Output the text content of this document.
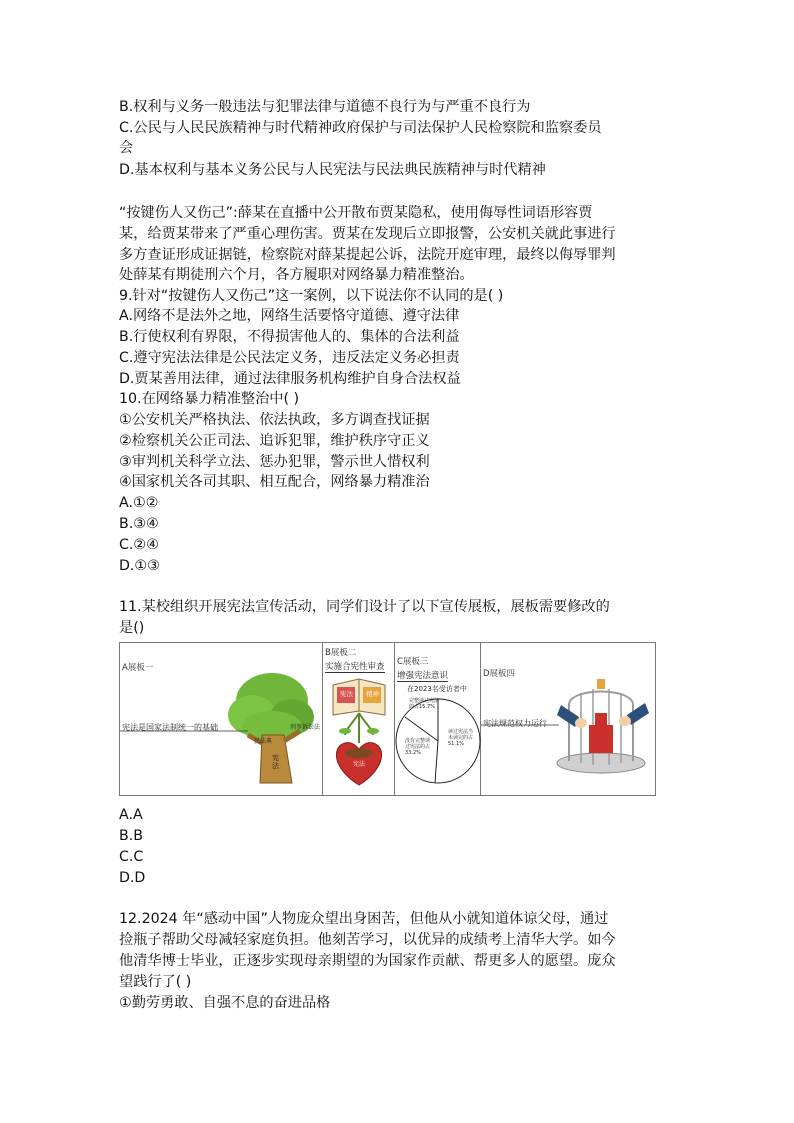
B.权利与义务一般违法与犯罪法律与道德不良行为与严重不良行为
C.公民与人民民族精神与时代精神政府保护与司法保护人民检察院和监察委员
会
D.基本权利与基本义务公民与人民宪法与民法典民族精神与时代精神
“按键伤人又伤己”:薛某在直播中公开散布贾某隐私，使用侮辱性词语形容贾
某，给贾某带来了严重心理伤害。贾某在发现后立即报警，公安机关就此事进行
多方查证形成证据链，检察院对薛某提起公诉，法院开庭审理，最终以侮辱罪判
处薛某有期徒刑六个月，各方履职对网络暴力精准整治。
9.针对“按键伤人又伤己”这一案例，以下说法你不认同的是( )
A.网络不是法外之地，网络生活要恪守道德、遵守法律
B.行使权利有界限，不得损害他人的、集体的合法利益
C.遵守宪法法律是公民法定义务，违反法定义务必担责
D.贾某善用法律，通过法律服务机构维护自身合法权益
10.在网络暴力精准整治中( )
①公安机关严格执法、依法执政，多方调查找证据
②检察机关公正司法、追诉犯罪，维护秩序守正义
③审判机关科学立法、惩办犯罪，警示世人惜权利
④国家机关各司其职、相互配合，网络暴力精准治
A.①②
B.③④
C.②④
D.①③
11.某校组织开展宪法宣传活动，同学们设计了以下宣传展板，展板需要修改的
是()
A展板一
宪法是国家法制统一的基础
民法典
刑事诉讼法
宪法
B展板二
实施合宪性审查
宪法 精神
宪法
C展板三
增强宪法意识
在2023名受访者中
完整读过宪法的占15.7%
读过宪法当未读完的占51.1%
没有完整读过宪法的占33.2%
D展板四
宪法规范权力运行
A.A
B.B
C.C
D.D
12.2024 年“感动中国”人物庞众望出身困苦，但他从小就知道体谅父母，通过
捡瓶子帮助父母减轻家庭负担。他刻苦学习，以优异的成绩考上清华大学。如今
他清华博士毕业，正逐步实现母亲期望的为国家作贡献、帮更多人的愿望。庞众
望践行了( )
①勤劳勇敢、自强不息的奋进品格
